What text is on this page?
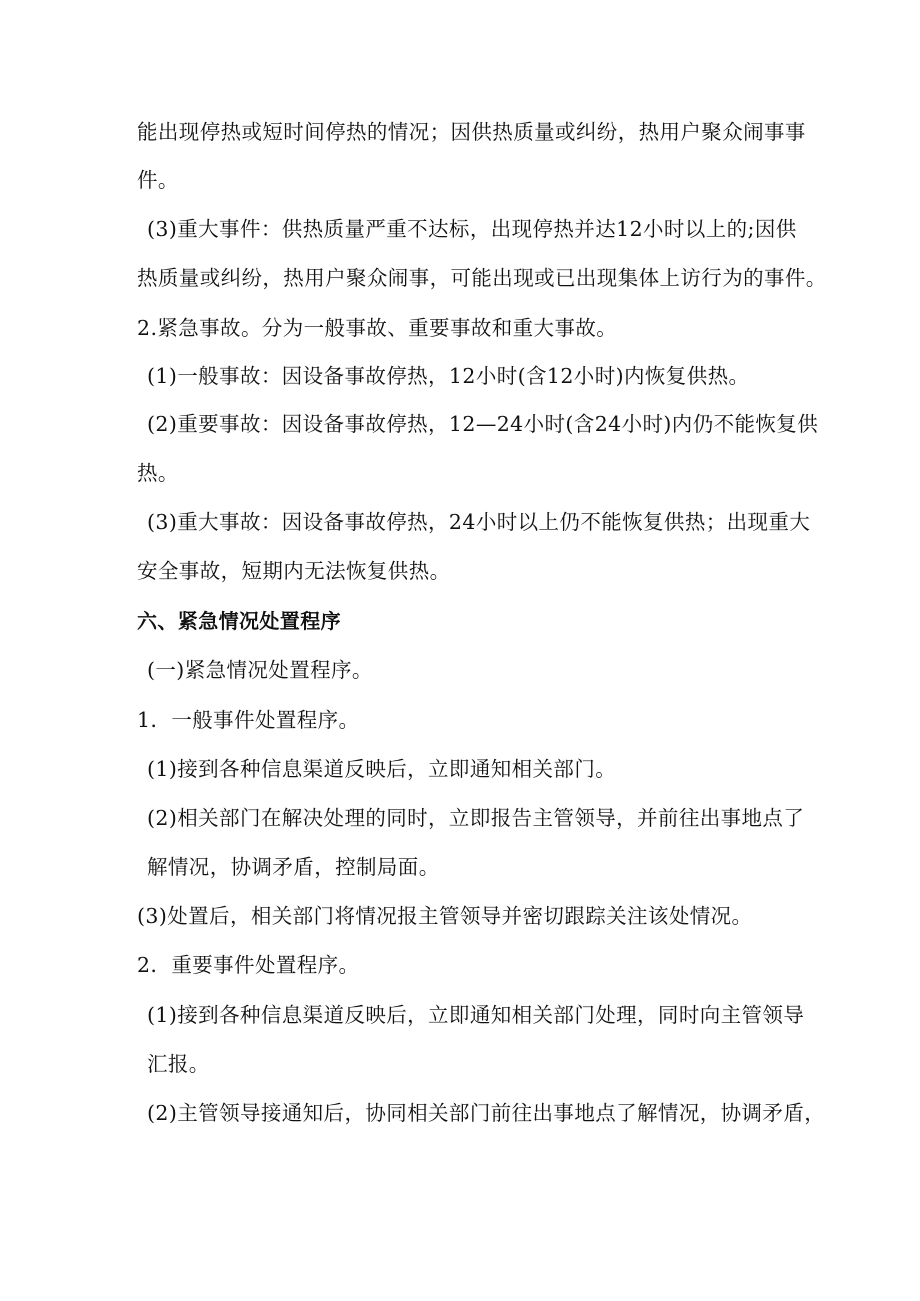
能出现停热或短时间停热的情况；因供热质量或纠纷，热用户聚众闹事事
件。
(3)重大事件：供热质量严重不达标，出现停热并达12小时以上的;因供
热质量或纠纷，热用户聚众闹事，可能出现或已出现集体上访行为的事件。
2.紧急事故。分为一般事故、重要事故和重大事故。
(1)一般事故：因设备事故停热，12小时(含12小时)内恢复供热。
(2)重要事故：因设备事故停热，12—24小时(含24小时)内仍不能恢复供
热。
(3)重大事故：因设备事故停热，24小时以上仍不能恢复供热；出现重大
安全事故，短期内无法恢复供热。
六、紧急情况处置程序
(一)紧急情况处置程序。
1．一般事件处置程序。
(1)接到各种信息渠道反映后，立即通知相关部门。
(2)相关部门在解决处理的同时，立即报告主管领导，并前往出事地点了
解情况，协调矛盾，控制局面。
(3)处置后，相关部门将情况报主管领导并密切跟踪关注该处情况。
2．重要事件处置程序。
(1)接到各种信息渠道反映后，立即通知相关部门处理，同时向主管领导
汇报。
(2)主管领导接通知后，协同相关部门前往出事地点了解情况，协调矛盾，
